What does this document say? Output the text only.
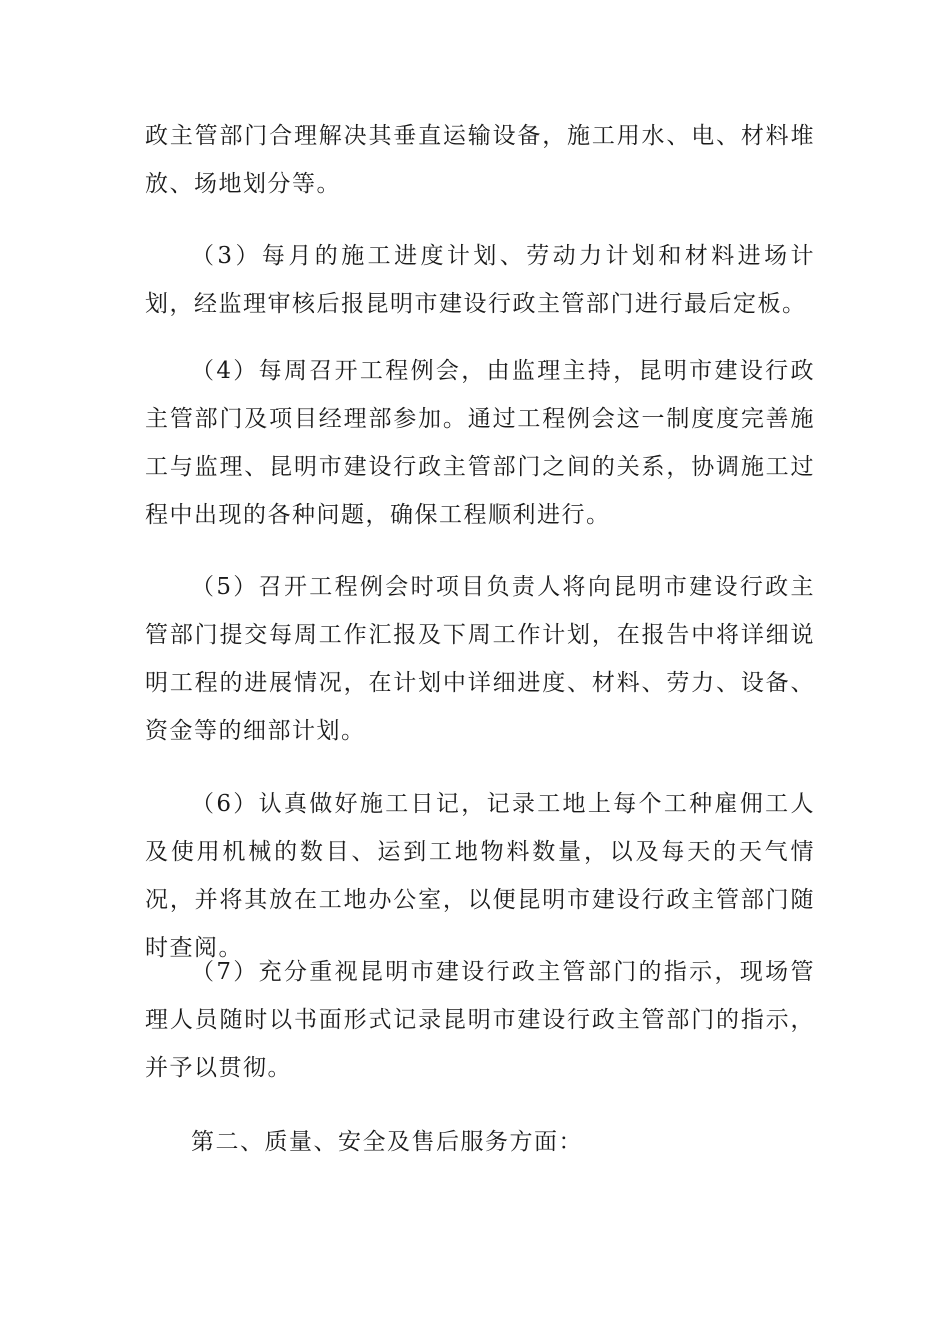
政主管部门合理解决其垂直运输设备，施工用水、电、材料堆放、场地划分等。

（3）每月的施工进度计划、劳动力计划和材料进场计划，经监理审核后报昆明市建设行政主管部门进行最后定板。

（4）每周召开工程例会，由监理主持，昆明市建设行政主管部门及项目经理部参加。通过工程例会这一制度度完善施工与监理、昆明市建设行政主管部门之间的关系，协调施工过程中出现的各种问题，确保工程顺利进行。

（5）召开工程例会时项目负责人将向昆明市建设行政主管部门提交每周工作汇报及下周工作计划，在报告中将详细说明工程的进展情况，在计划中详细进度、材料、劳力、设备、资金等的细部计划。

（6）认真做好施工日记，记录工地上每个工种雇佣工人及使用机械的数目、运到工地物料数量，以及每天的天气情况，并将其放在工地办公室，以便昆明市建设行政主管部门随时查阅。

（7）充分重视昆明市建设行政主管部门的指示，现场管理人员随时以书面形式记录昆明市建设行政主管部门的指示，并予以贯彻。

第二、质量、安全及售后服务方面：
